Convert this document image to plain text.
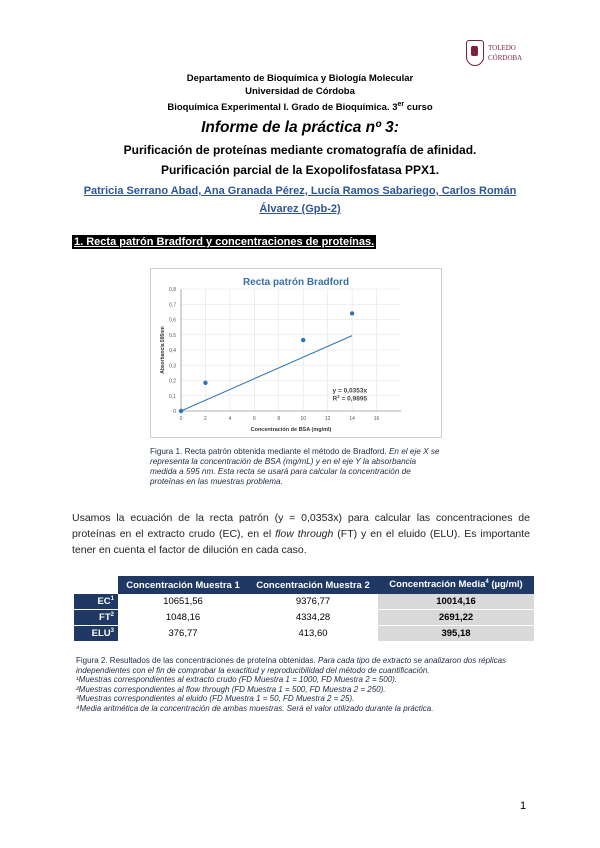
TOLEDO
CÓRDOBA
Departamento de Bioquímica y Biología Molecular
Universidad de Córdoba
Bioquímica Experimental I. Grado de Bioquímica. 3er curso
Informe de la práctica nº 3:
Purificación de proteínas mediante cromatografía de afinidad.
Purificación parcial de la Exopolifosfatasa PPX1.
Patricia Serrano Abad, Ana Granada Pérez, Lucía Ramos Sabariego, Carlos Román
Álvarez (Gpb-2)
1. Recta patrón Bradford y concentraciones de proteínas.
Recta patrón Bradford
0
0,1
0,2
0,3
0,4
0,5
0,6
0,7
0,8
0	2	4	6	8	10	12	14	16
Absorbancia 595nm
Concentración de BSA (mg/ml)
y = 0,0353x
$R^2 = 0,9895$
Figura 1. Recta patrón obtenida mediante el método de Bradford. En el eje X se representa la concentración de BSA (mg/mL) y en el eje Y la absorbancia medida a 595 nm. Esta recta se usará para calcular la concentración de proteínas en las muestras problema.
Usamos la ecuación de la recta patrón (y = 0,0353x) para calcular las concentraciones de proteínas en el extracto crudo (EC), en el flow through (FT) y en el eluido (ELU). Es importante tener en cuenta el factor de dilución en cada caso.
	Concentración Muestra 1	Concentración Muestra 2	Concentración Media$^4$ (µg/ml)
$EC^1$	10651,56	9376,77	10014,16
$FT^2$	1048,16	4334,28	2691,22
ELU$^3$	376,77	413,60	395,18
Figura 2. Resultados de las concentraciones de proteína obtenidas. Para cada tipo de extracto se analizaron dos réplicas independientes con el fin de comprobar la exactitud y reproducibilidad del método de cuantificación.
¹Muestras correspondientes al extracto crudo (FD Muestra 1 = 1000, FD Muestra 2 = 500).
²Muestras correspondientes al flow through (FD Muestra 1 = 500, FD Muestra 2 = 250).
³Muestras correspondientes al eluido (FD Muestra 1 = 50, FD Muestra 2 = 25).
⁴Media aritmética de la concentración de ambas muestras. Será el valor utilizado durante la práctica.
1
